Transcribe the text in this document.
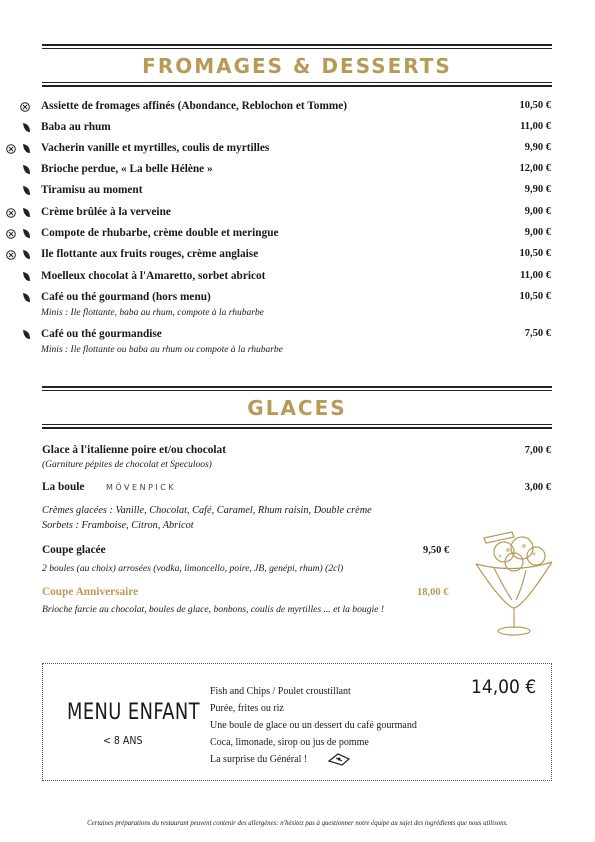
FROMAGES & DESSERTS
Assiette de fromages affinés (Abondance, Reblochon et Tomme)	10,50 €
Baba au rhum	11,00 €
Vacherin vanille et myrtilles, coulis de myrtilles	9,90 €
Brioche perdue, « La belle Hélène »	12,00 €
Tiramisu au moment	9,90 €
Crème brûlée à la verveine	9,00 €
Compote de rhubarbe, crème double et meringue	9,00 €
Ile flottante aux fruits rouges, crème anglaise	10,50 €
Moelleux chocolat à l'Amaretto, sorbet abricot	11,00 €
Café ou thé gourmand (hors menu)	10,50 €
Minis : Ile flottante, baba au rhum, compote à la rhubarbe
Café ou thé gourmandise	7,50 €
Minis : Ile flottante ou baba au rhum ou compote à la rhubarbe
GLACES
Glace à l'italienne poire et/ou chocolat	7,00 €
(Garniture pépites de chocolat et Speculoos)
La boule	MÖVENPICK	3,00 €
Crèmes glacées : Vanille, Chocolat, Café, Caramel, Rhum raisin, Double crème
Sorbets : Framboise, Citron, Abricot
Coupe glacée	9,50 €
2 boules (au choix) arrosées (vodka, limoncello, poire, JB, genépi, rhum) (2cl)
Coupe Anniversaire	18,00 €
Brioche farcie au chocolat, boules de glace, bonbons, coulis de myrtilles ... et la bougie !
MENU ENFANT
< 8 ANS
14,00 €
Fish and Chips / Poulet croustillant
Purée, frites ou riz
Une boule de glace ou un dessert du café gourmand
Coca, limonade, sirop ou jus de pomme
La surprise du Général !
Certaines préparations du restaurant peuvent contenir des allergènes: n'hésitez pas à questionner notre équipe au sujet des ingrédients que nous utilisons.
